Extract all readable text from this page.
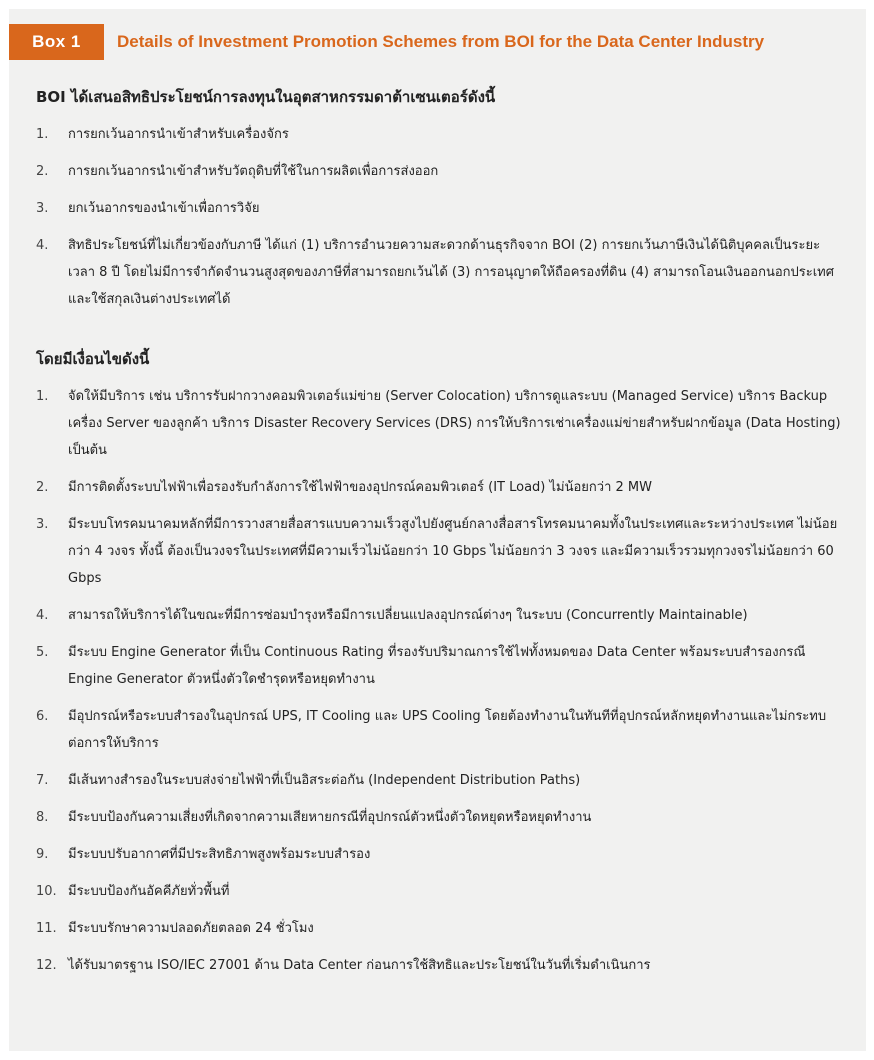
Box 1	Details of Investment Promotion Schemes from BOI for the Data Center Industry
BOI ได้เสนอสิทธิประโยชน์การลงทุนในอุตสาหกรรมดาต้าเซนเตอร์ดังนี้
1.	การยกเว้นอากรนำเข้าสำหรับเครื่องจักร
2.	การยกเว้นอากรนำเข้าสำหรับวัตถุดิบที่ใช้ในการผลิตเพื่อการส่งออก
3.	ยกเว้นอากรของนำเข้าเพื่อการวิจัย
4.	สิทธิประโยชน์ที่ไม่เกี่ยวข้องกับภาษี ได้แก่ (1) บริการอำนวยความสะดวกด้านธุรกิจจาก BOI (2) การยกเว้นภาษีเงินได้นิติบุคคลเป็นระยะเวลา 8 ปี โดยไม่มีการจำกัดจำนวนสูงสุดของภาษีที่สามารถยกเว้นได้ (3) การอนุญาตให้ถือครองที่ดิน (4) สามารถโอนเงินออกนอกประเทศและใช้สกุลเงินต่างประเทศได้
โดยมีเงื่อนไขดังนี้
1.	จัดให้มีบริการ เช่น บริการรับฝากวางคอมพิวเตอร์แม่ข่าย (Server Colocation) บริการดูแลระบบ (Managed Service) บริการ Backup เครื่อง Server ของลูกค้า บริการ Disaster Recovery Services (DRS) การให้บริการเช่าเครื่องแม่ข่ายสำหรับฝากข้อมูล (Data Hosting) เป็นต้น
2.	มีการติดตั้งระบบไฟฟ้าเพื่อรองรับกำลังการใช้ไฟฟ้าของอุปกรณ์คอมพิวเตอร์ (IT Load) ไม่น้อยกว่า 2 MW
3.	มีระบบโทรคมนาคมหลักที่มีการวางสายสื่อสารแบบความเร็วสูงไปยังศูนย์กลางสื่อสารโทรคมนาคมทั้งในประเทศและระหว่างประเทศ ไม่น้อยกว่า 4 วงจร ทั้งนี้ ต้องเป็นวงจรในประเทศที่มีความเร็วไม่น้อยกว่า 10 Gbps ไม่น้อยกว่า 3 วงจร และมีความเร็วรวมทุกวงจรไม่น้อยกว่า 60 Gbps
4.	สามารถให้บริการได้ในขณะที่มีการซ่อมบำรุงหรือมีการเปลี่ยนแปลงอุปกรณ์ต่างๆ ในระบบ (Concurrently Maintainable)
5.	มีระบบ Engine Generator ที่เป็น Continuous Rating ที่รองรับปริมาณการใช้ไฟทั้งหมดของ Data Center พร้อมระบบสำรองกรณี Engine Generator ตัวหนึ่งตัวใดชำรุดหรือหยุดทำงาน
6.	มีอุปกรณ์หรือระบบสำรองในอุปกรณ์ UPS, IT Cooling และ UPS Cooling โดยต้องทำงานในทันทีที่อุปกรณ์หลักหยุดทำงานและไม่กระทบต่อการให้บริการ
7.	มีเส้นทางสำรองในระบบส่งจ่ายไฟฟ้าที่เป็นอิสระต่อกัน (Independent Distribution Paths)
8.	มีระบบป้องกันความเสี่ยงที่เกิดจากความเสียหายกรณีที่อุปกรณ์ตัวหนึ่งตัวใดหยุดหรือหยุดทำงาน
9.	มีระบบปรับอากาศที่มีประสิทธิภาพสูงพร้อมระบบสำรอง
10. มีระบบป้องกันอัคคีภัยทั่วพื้นที่
11. มีระบบรักษาความปลอดภัยตลอด 24 ชั่วโมง
12. ได้รับมาตรฐาน ISO/IEC 27001 ด้าน Data Center ก่อนการใช้สิทธิและประโยชน์ในวันที่เริ่มดำเนินการ
